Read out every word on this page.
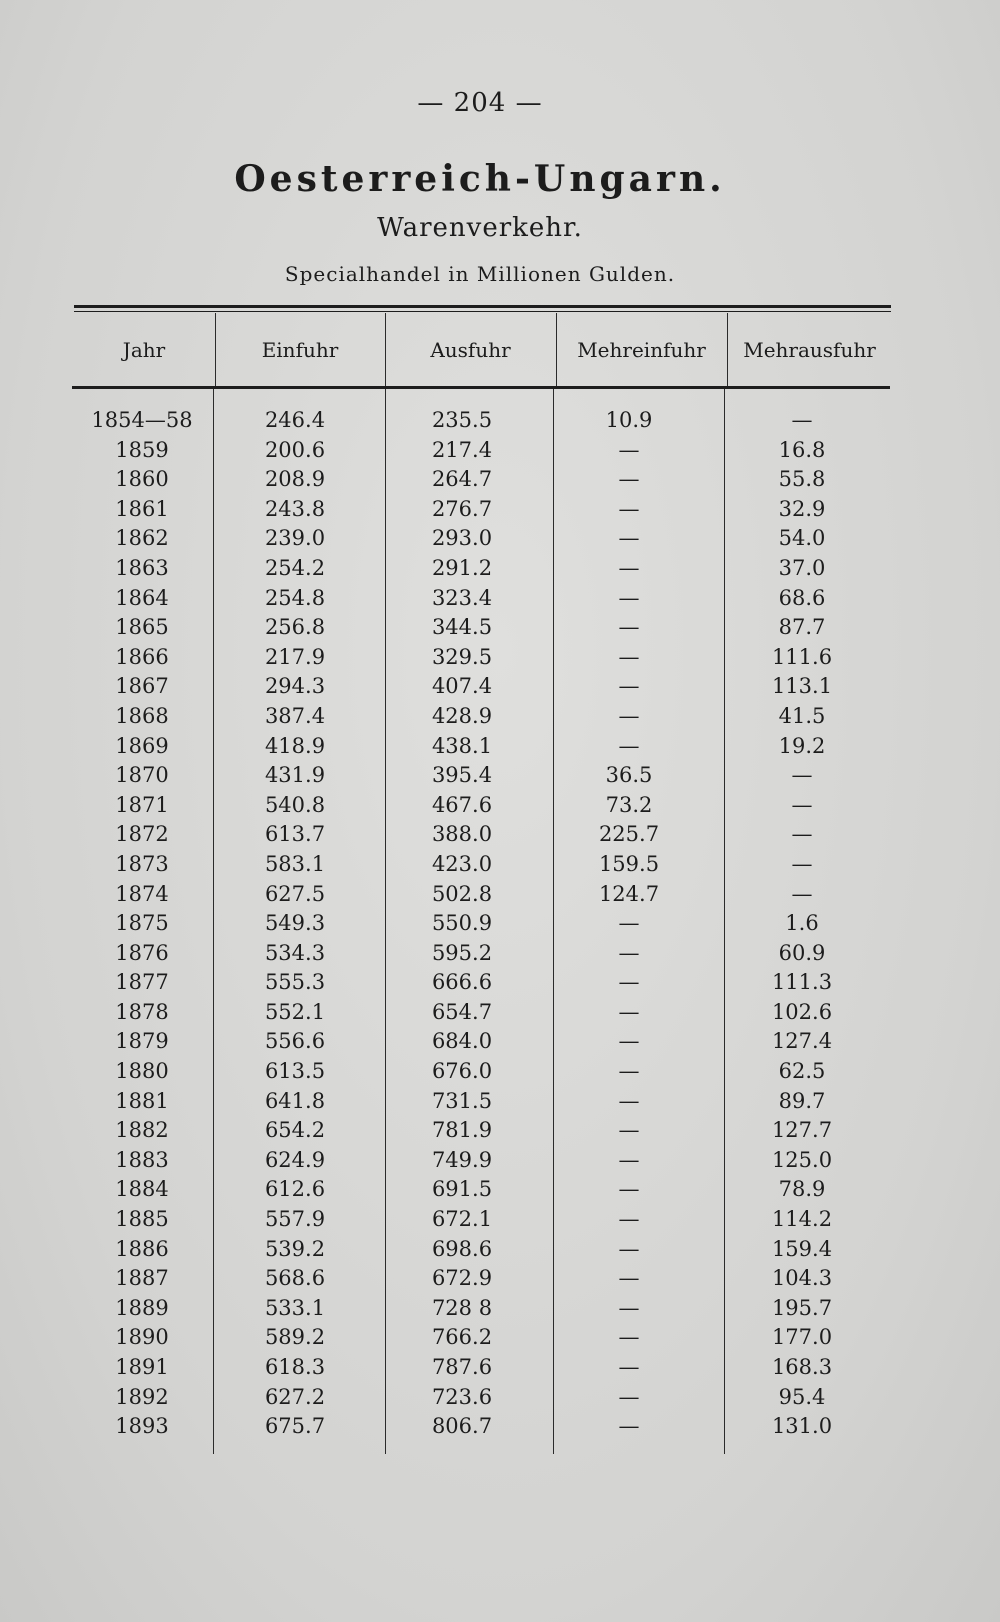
— 204 —
Oesterreich-Ungarn.
Warenverkehr.
Specialhandel in Millionen Gulden.
Jahr	Einfuhr	Ausfuhr	Mehreinfuhr	Mehrausfuhr
1854—58	246.4	235.5	10.9	—
1859	200.6	217.4	—	16.8
1860	208.9	264.7	—	55.8
1861	243.8	276.7	—	32.9
1862	239.0	293.0	—	54.0
1863	254.2	291.2	—	37.0
1864	254.8	323.4	—	68.6
1865	256.8	344.5	—	87.7
1866	217.9	329.5	—	111.6
1867	294.3	407.4	—	113.1
1868	387.4	428.9	—	41.5
1869	418.9	438.1	—	19.2
1870	431.9	395.4	36.5	—
1871	540.8	467.6	73.2	—
1872	613.7	388.0	225.7	—
1873	583.1	423.0	159.5	—
1874	627.5	502.8	124.7	—
1875	549.3	550.9	—	1.6
1876	534.3	595.2	—	60.9
1877	555.3	666.6	—	111.3
1878	552.1	654.7	—	102.6
1879	556.6	684.0	—	127.4
1880	613.5	676.0	—	62.5
1881	641.8	731.5	—	89.7
1882	654.2	781.9	—	127.7
1883	624.9	749.9	—	125.0
1884	612.6	691.5	—	78.9
1885	557.9	672.1	—	114.2
1886	539.2	698.6	—	159.4
1887	568.6	672.9	—	104.3
1889	533.1	728 8	—	195.7
1890	589.2	766.2	—	177.0
1891	618.3	787.6	—	168.3
1892	627.2	723.6	—	95.4
1893	675.7	806.7	—	131.0
